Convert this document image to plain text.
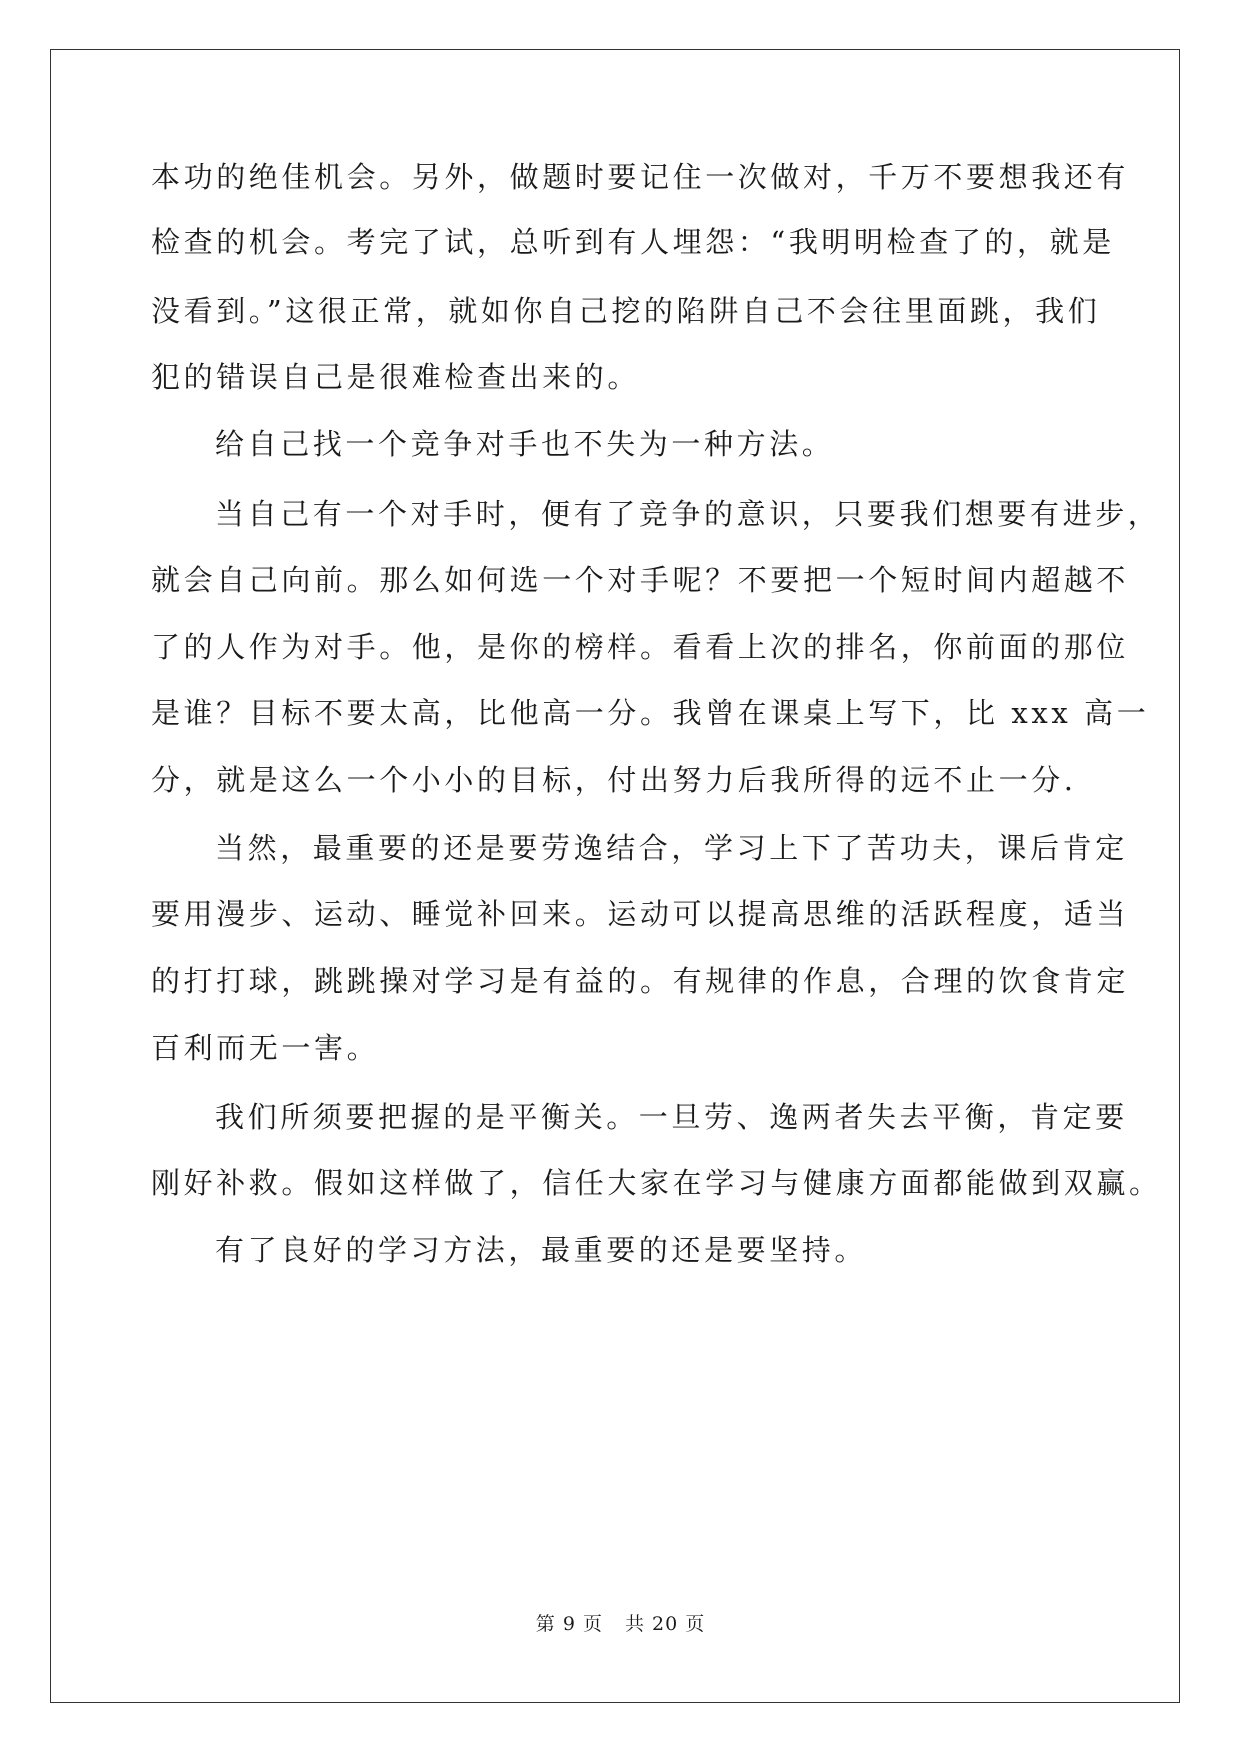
本功的绝佳机会。另外，做题时要记住一次做对，千万不要想我还有
检查的机会。考完了试，总听到有人埋怨：“我明明检查了的，就是
没看到。”这很正常，就如你自己挖的陷阱自己不会往里面跳，我们
犯的错误自己是很难检查出来的。
给自己找一个竞争对手也不失为一种方法。
当自己有一个对手时，便有了竞争的意识，只要我们想要有进步，
就会自己向前。那么如何选一个对手呢？不要把一个短时间内超越不
了的人作为对手。他，是你的榜样。看看上次的排名，你前面的那位
是谁？目标不要太高，比他高一分。我曾在课桌上写下，比 xxx 高一
分，就是这么一个小小的目标，付出努力后我所得的远不止一分.
当然，最重要的还是要劳逸结合，学习上下了苦功夫，课后肯定
要用漫步、运动、睡觉补回来。运动可以提高思维的活跃程度，适当
的打打球，跳跳操对学习是有益的。有规律的作息，合理的饮食肯定
百利而无一害。
我们所须要把握的是平衡关。一旦劳、逸两者失去平衡，肯定要
刚好补救。假如这样做了，信任大家在学习与健康方面都能做到双赢。
有了良好的学习方法，最重要的还是要坚持。
第 9 页 共 20 页
